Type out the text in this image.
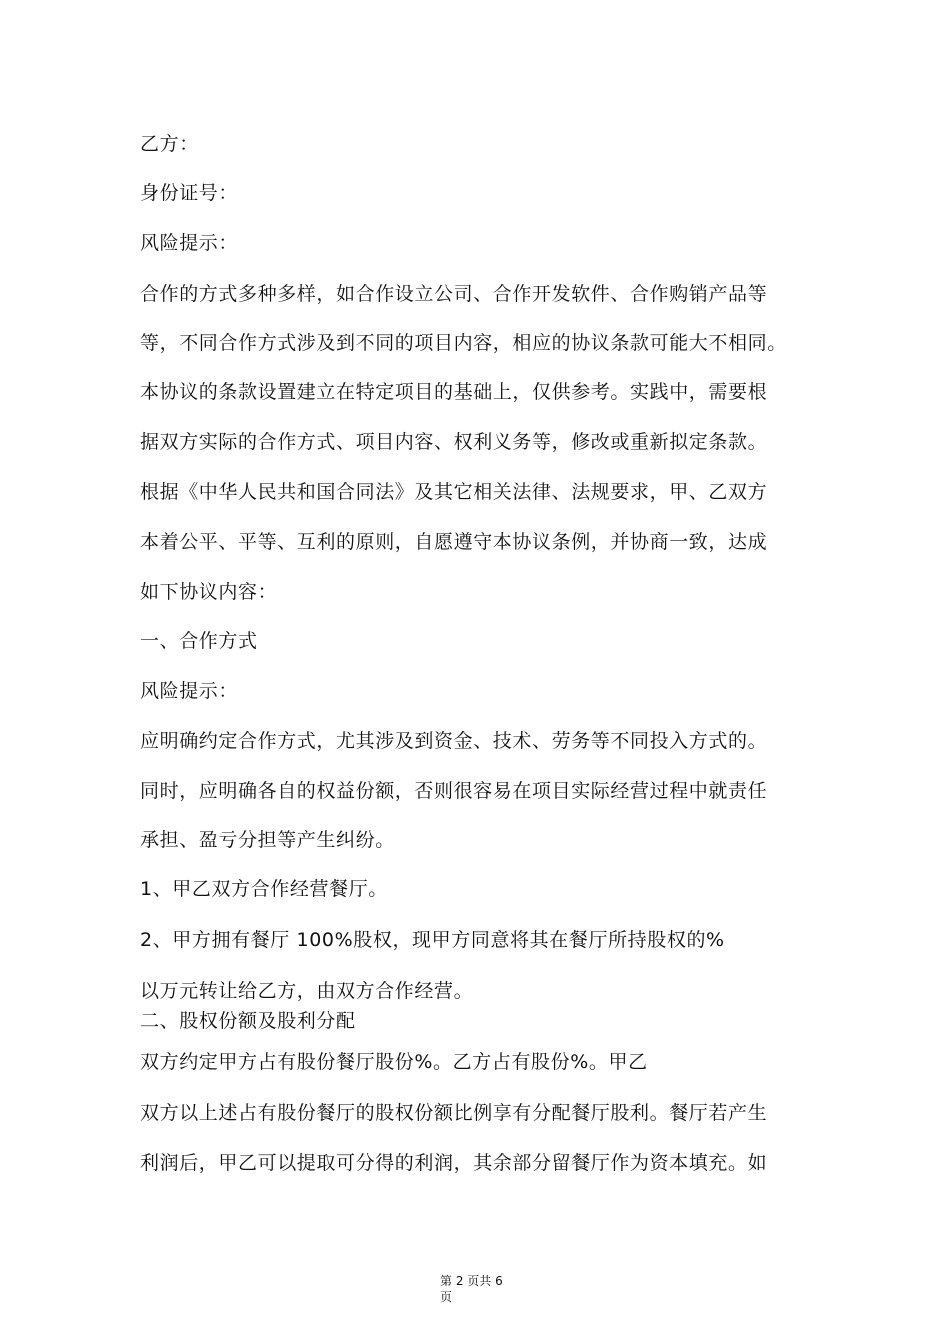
乙方：
身份证号：
风险提示：
合作的方式多种多样，如合作设立公司、合作开发软件、合作购销产品等
等，不同合作方式涉及到不同的项目内容，相应的协议条款可能大不相同。
本协议的条款设置建立在特定项目的基础上，仅供参考。实践中，需要根
据双方实际的合作方式、项目内容、权利义务等，修改或重新拟定条款。
根据《中华人民共和国合同法》及其它相关法律、法规要求，甲、乙双方
本着公平、平等、互利的原则，自愿遵守本协议条例，并协商一致，达成
如下协议内容：
一、合作方式
风险提示：
应明确约定合作方式，尤其涉及到资金、技术、劳务等不同投入方式的。
同时，应明确各自的权益份额，否则很容易在项目实际经营过程中就责任
承担、盈亏分担等产生纠纷。
1、甲乙双方合作经营餐厅。
2、甲方拥有餐厅 100%股权，现甲方同意将其在餐厅所持股权的%
以万元转让给乙方，由双方合作经营。
二、股权份额及股利分配
双方约定甲方占有股份餐厅股份%。乙方占有股份%。甲乙
双方以上述占有股份餐厅的股权份额比例享有分配餐厅股利。餐厅若产生
利润后，甲乙可以提取可分得的利润，其余部分留餐厅作为资本填充。如
第 2 页共 6
页
